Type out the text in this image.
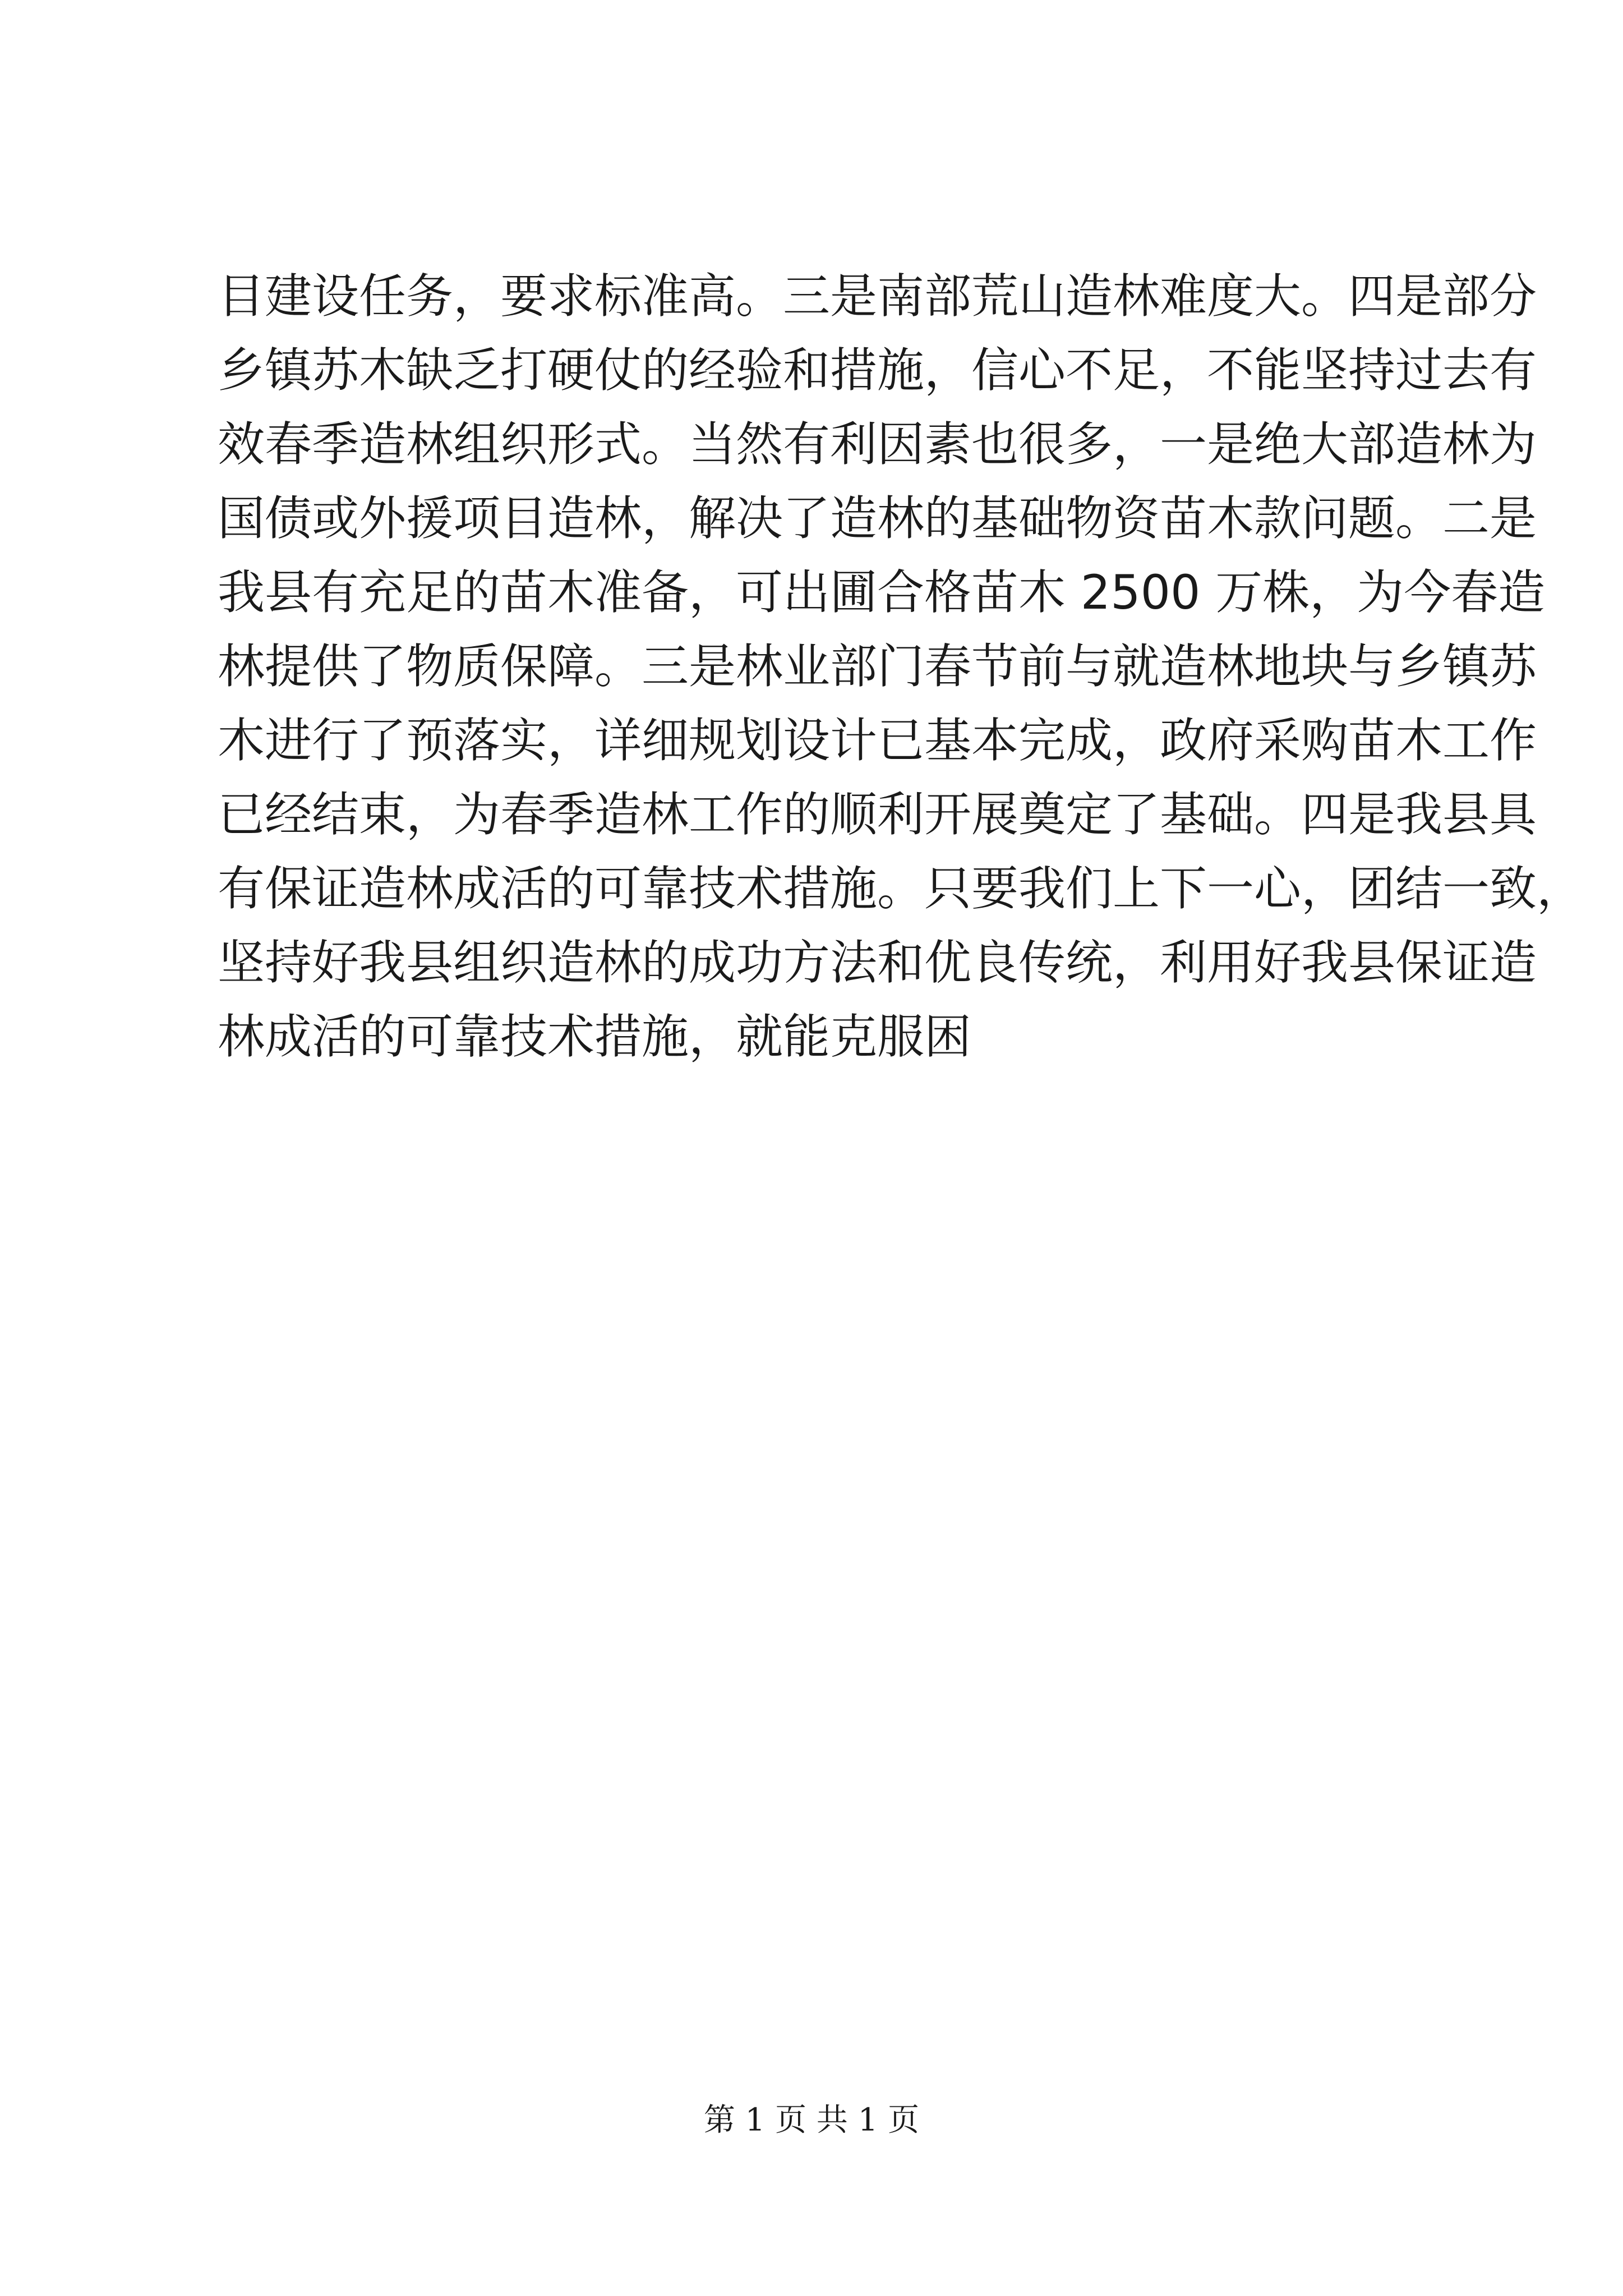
目建设任务，要求标准高。三是南部荒山造林难度大。四是部分
乡镇苏木缺乏打硬仗的经验和措施，信心不足，不能坚持过去有
效春季造林组织形式。当然有利因素也很多，一是绝大部造林为
国债或外援项目造林，解决了造林的基础物资苗木款问题。二是
我县有充足的苗木准备，可出圃合格苗木 2500 万株，为今春造
林提供了物质保障。三是林业部门春节前与就造林地块与乡镇苏
木进行了预落实，详细规划设计已基本完成，政府采购苗木工作
已经结束，为春季造林工作的顺利开展奠定了基础。四是我县具
有保证造林成活的可靠技术措施。只要我们上下一心，团结一致，
坚持好我县组织造林的成功方法和优良传统，利用好我县保证造
林成活的可靠技术措施，就能克服困
第 1 页 共 1 页
